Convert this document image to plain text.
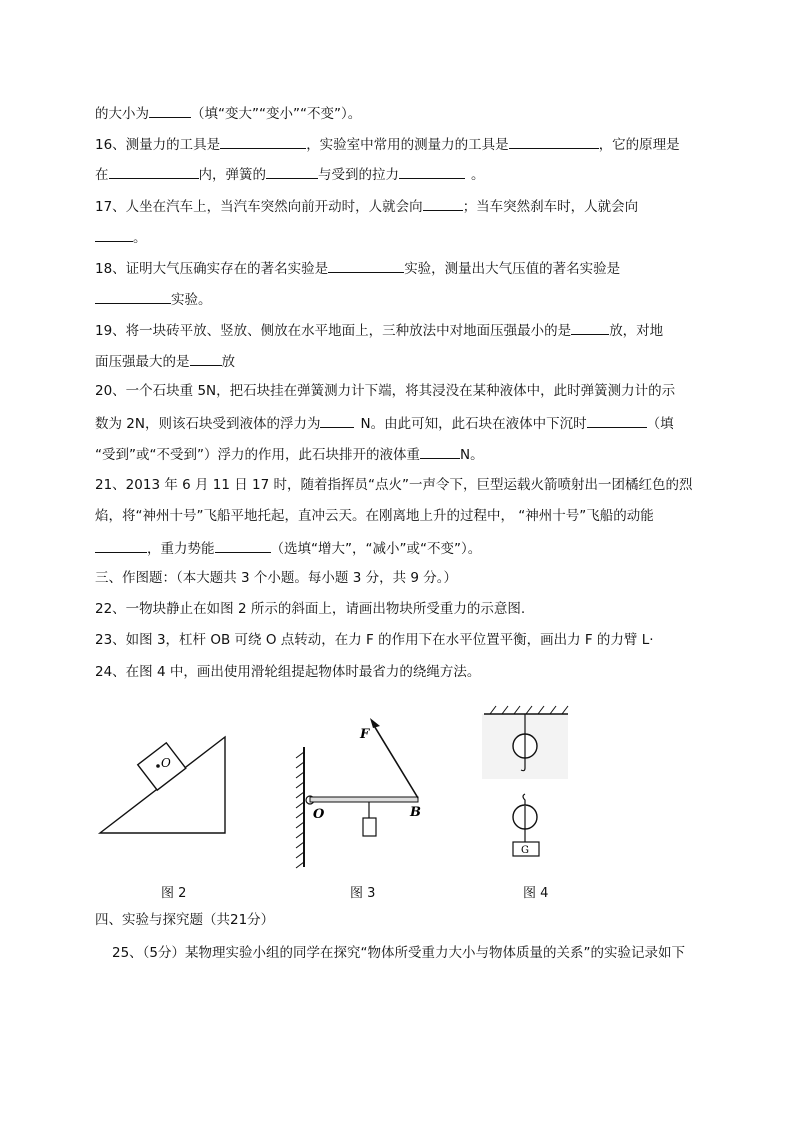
的大小为	（填“变大”“变小”“不变”）。
16、测量力的工具是	，实验室中常用的测量力的工具是	，它的原理是
在	内，弹簧的	与受到的拉力	。
17、人坐在汽车上，当汽车突然向前开动时，人就会向	；当车突然刹车时，人就会向
。
18、证明大气压确实存在的著名实验是	实验，测量出大气压值的著名实验是
实验。
19、将一块砖平放、竖放、侧放在水平地面上，三种放法中对地面压强最小的是	放，对地
面压强最大的是 放
20、一个石块重 5N，把石块挂在弹簧测力计下端，将其浸没在某种液体中，此时弹簧测力计的示
数为 2N，则该石块受到液体的浮力为	N。由此可知，此石块在液体中下沉时	（填
“受到”或“不受到”）浮力的作用，此石块排开的液体重	N。
21、2013 年 6 月 11 日 17 时，随着指挥员“点火”一声令下，巨型运载火箭喷射出一团橘红色的烈
焰，将“神州十号”飞船平地托起，直冲云天。在刚离地上升的过程中， “神州十号”飞船的动能
，重力势能	（选填“增大”，“减小”或“不变”）。
三、作图题：（本大题共 3 个小题。每小题 3 分，共 9 分。）
22、一物块静止在如图 2 所示的斜面上，请画出物块所受重力的示意图.
23、如图 3，杠杆 OB 可绕 O 点转动，在力 F 的作用下在水平位置平衡，画出力 F 的力臂 L·
24、在图 4 中，画出使用滑轮组提起物体时最省力的绕绳方法。
O
图 2
F
O	B
图 3
G
图 4
四、实验与探究题（共21分）
25、（5分）某物理实验小组的同学在探究“物体所受重力大小与物体质量的关系”的实验记录如下
